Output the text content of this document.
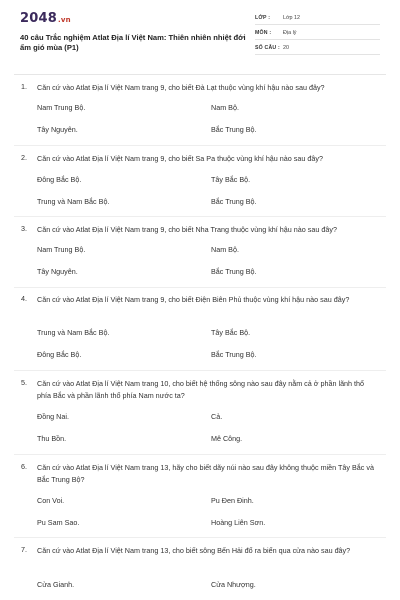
2048.vn
40 câu Trắc nghiệm Atlat Địa lí Việt Nam: Thiên nhiên nhiệt đới ẩm gió mùa (P1)
LỚP : Lớp 12
MÔN : Địa lý
SỐ CÂU : 20
1. Căn cứ vào Atlat Địa lí Việt Nam trang 9, cho biết Đà Lạt thuộc vùng khí hậu nào sau đây?
Nam Trung Bộ.	Nam Bộ.
Tây Nguyên.	Bắc Trung Bộ.
2. Căn cứ vào Atlat Địa lí Việt Nam trang 9, cho biết Sa Pa thuộc vùng khí hậu nào sau đây?
Đông Bắc Bộ.	Tây Bắc Bộ.
Trung và Nam Bắc Bộ.	Bắc Trung Bộ.
3. Căn cứ vào Atlat Địa lí Việt Nam trang 9, cho biết Nha Trang thuộc vùng khí hậu nào sau đây?
Nam Trung Bộ.	Nam Bộ.
Tây Nguyên.	Bắc Trung Bộ.
4. Căn cứ vào Atlat Địa lí Việt Nam trang 9, cho biết Điện Biên Phủ thuộc vùng khí hậu nào sau đây?
Trung và Nam Bắc Bộ.	Tây Bắc Bộ.
Đông Bắc Bộ.	Bắc Trung Bộ.
5. Căn cứ vào Atlat Địa lí Việt Nam trang 10, cho biết hệ thống sông nào sau đây nằm cả ở phần lãnh thổ phía Bắc và phần lãnh thổ phía Nam nước ta?
Đồng Nai.	Cả.
Thu Bồn.	Mê Công.
6. Căn cứ vào Atlat Địa lí Việt Nam trang 13, hãy cho biết dãy núi nào sau đây không thuộc miền Tây Bắc và Bắc Trung Bộ?
Con Voi.	Pu Đen Đinh.
Pu Sam Sao.	Hoàng Liên Sơn.
7. Căn cứ vào Atlat Địa lí Việt Nam trang 13, cho biết sông Bến Hải đổ ra biển qua cửa nào sau đây?
Cửa Gianh.	Cửa Nhượng.
